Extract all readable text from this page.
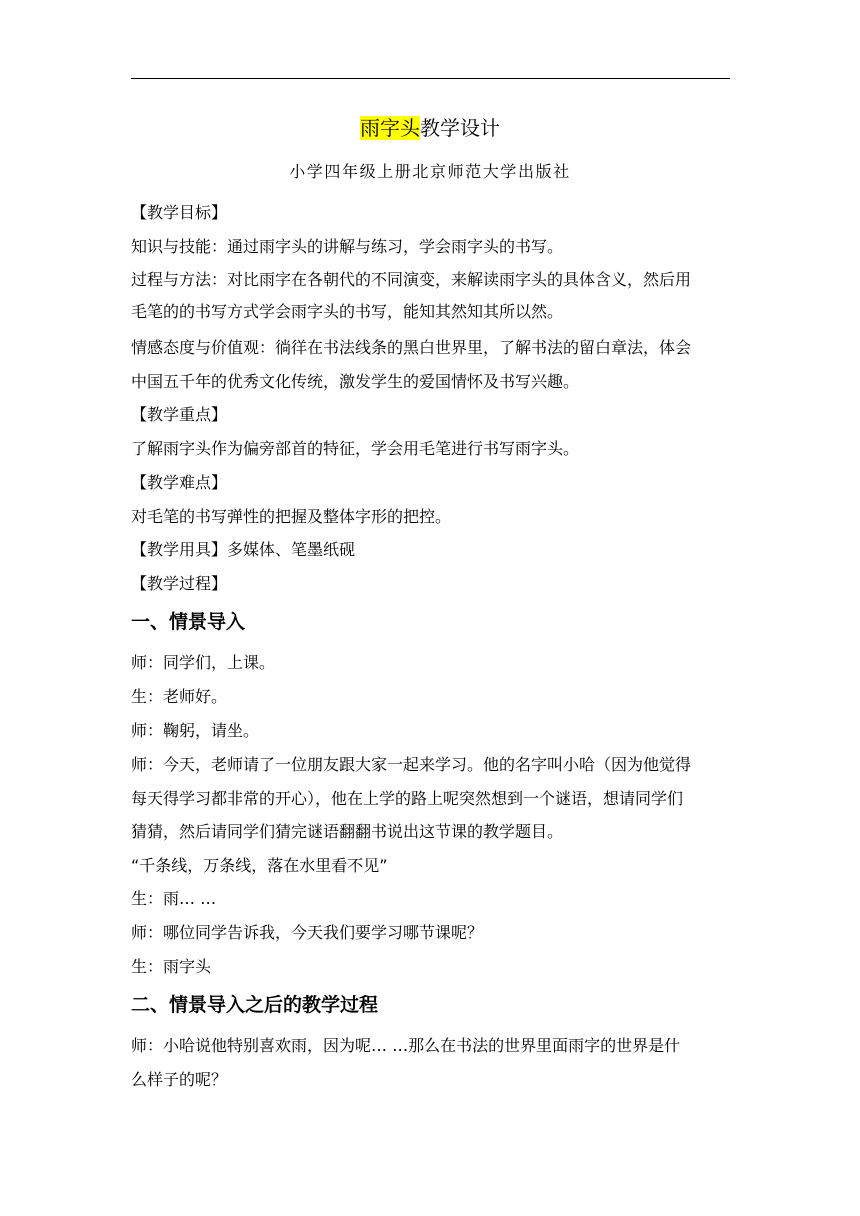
雨字头教学设计
小学四年级上册北京师范大学出版社
【教学目标】
知识与技能：通过雨字头的讲解与练习，学会雨字头的书写。
过程与方法：对比雨字在各朝代的不同演变，来解读雨字头的具体含义，然后用
毛笔的的书写方式学会雨字头的书写，能知其然知其所以然。
情感态度与价值观：徜徉在书法线条的黑白世界里，了解书法的留白章法，体会
中国五千年的优秀文化传统，激发学生的爱国情怀及书写兴趣。
【教学重点】
了解雨字头作为偏旁部首的特征，学会用毛笔进行书写雨字头。
【教学难点】
对毛笔的书写弹性的把握及整体字形的把控。
【教学用具】多媒体、笔墨纸砚
【教学过程】
一、情景导入
师：同学们，上课。
生：老师好。
师：鞠躬，请坐。
师：今天，老师请了一位朋友跟大家一起来学习。他的名字叫小哈（因为他觉得
每天得学习都非常的开心），他在上学的路上呢突然想到一个谜语，想请同学们
猜猜，然后请同学们猜完谜语翻翻书说出这节课的教学题目。
“千条线，万条线，落在水里看不见”
生：雨… …
师：哪位同学告诉我，今天我们要学习哪节课呢？
生：雨字头
二、情景导入之后的教学过程
师：小哈说他特别喜欢雨，因为呢… …那么在书法的世界里面雨字的世界是什
么样子的呢？
